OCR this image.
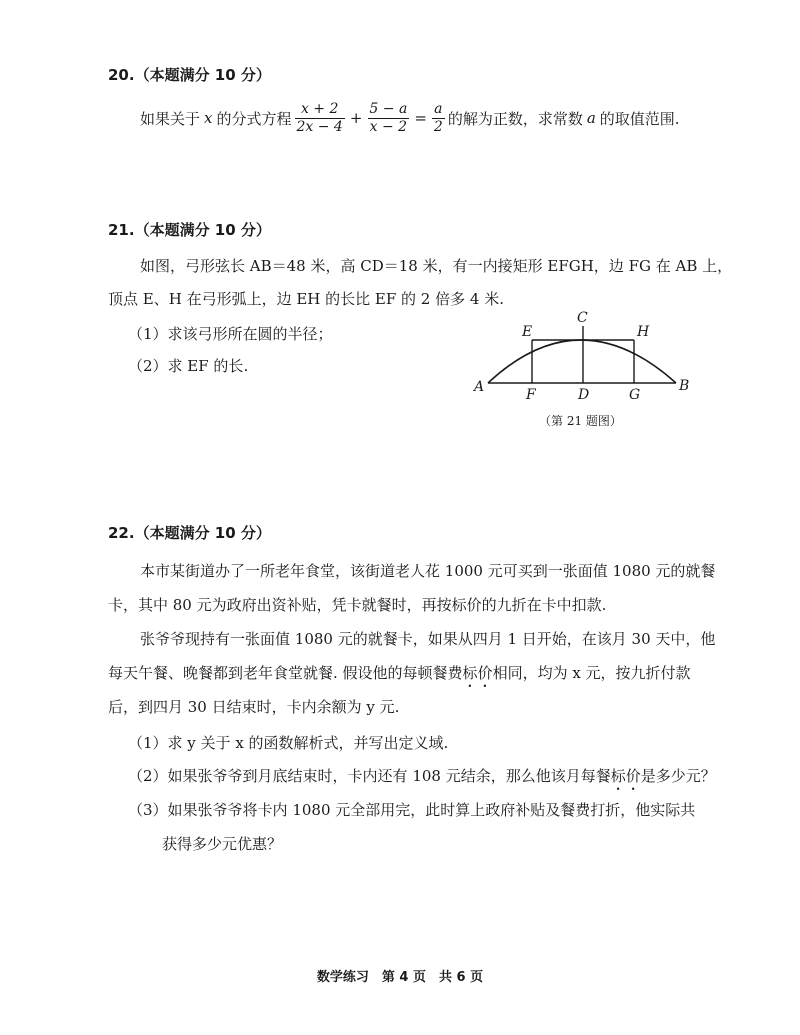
20.（本题满分 10 分）
如果关于 x 的分式方程 $\frac{x + 2}{2x - 4} + \frac{5 - a}{x - 2} = \frac{a}{2}$ 的解为正数，求常数 a 的取值范围.
21.（本题满分 10 分）
如图，弓形弦长 AB＝48 米，高 CD＝18 米，有一内接矩形 EFGH，边 FG 在 AB 上，
顶点 E、H 在弓形弧上，边 EH 的长比 EF 的 2 倍多 4 米.
（1）求该弓形所在圆的半径；
（2）求 EF 的长.
A	B
C
D
E
F	G
H
（第 21 题图）
22.（本题满分 10 分）
本市某街道办了一所老年食堂，该街道老人花 1000 元可买到一张面值 1080 元的就餐
卡，其中 80 元为政府出资补贴，凭卡就餐时，再按标价的九折在卡中扣款.
张爷爷现持有一张面值 1080 元的就餐卡，如果从四月 1 日开始，在该月 30 天中，他
每天午餐、晚餐都到老年食堂就餐. 假设他的每顿餐费标价相同，均为 x 元，按九折付款
后，到四月 30 日结束时，卡内余额为 y 元.
（1）求 y 关于 x 的函数解析式，并写出定义域.
（2）如果张爷爷到月底结束时，卡内还有 108 元结余，那么他该月每餐标价是多少元？
（3）如果张爷爷将卡内 1080 元全部用完，此时算上政府补贴及餐费打折，他实际共
获得多少元优惠？
数学练习　第 4 页　共 6 页
